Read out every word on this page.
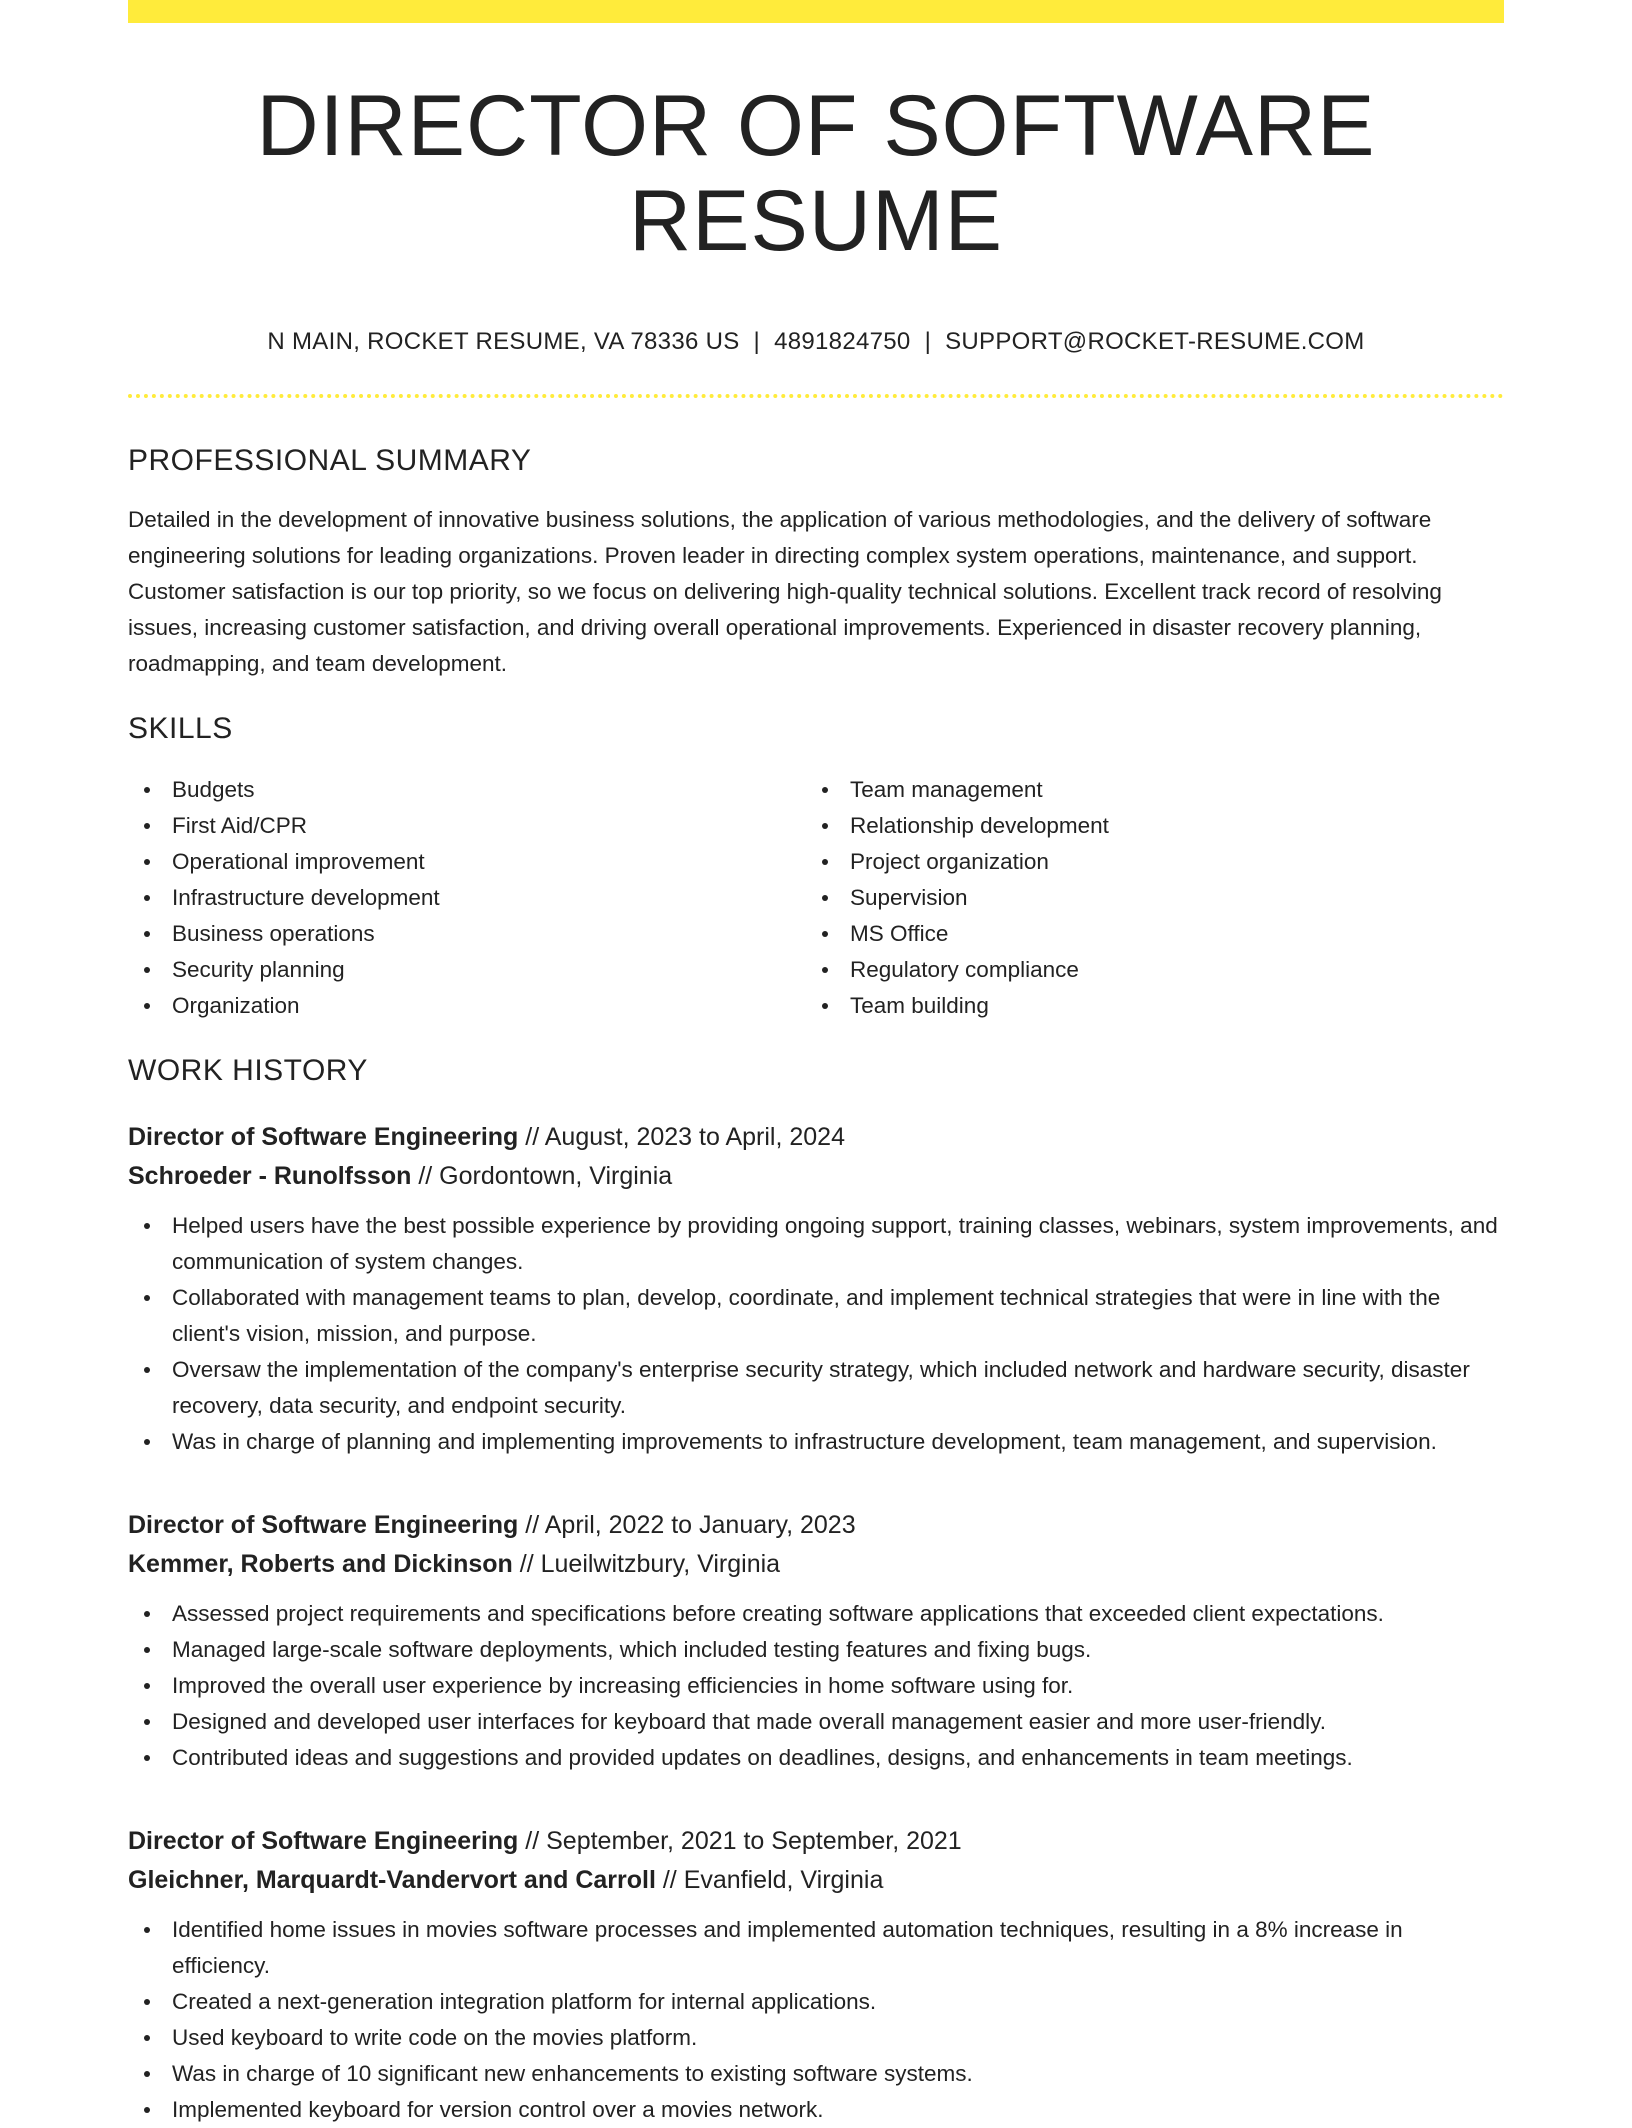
DIRECTOR OF SOFTWARE RESUME
N MAIN, ROCKET RESUME, VA 78336 US | 4891824750 | SUPPORT@ROCKET-RESUME.COM
PROFESSIONAL SUMMARY
Detailed in the development of innovative business solutions, the application of various methodologies, and the delivery of software engineering solutions for leading organizations. Proven leader in directing complex system operations, maintenance, and support. Customer satisfaction is our top priority, so we focus on delivering high-quality technical solutions. Excellent track record of resolving issues, increasing customer satisfaction, and driving overall operational improvements. Experienced in disaster recovery planning, roadmapping, and team development.
SKILLS
Budgets
First Aid/CPR
Operational improvement
Infrastructure development
Business operations
Security planning
Organization
Team management
Relationship development
Project organization
Supervision
MS Office
Regulatory compliance
Team building
WORK HISTORY
Director of Software Engineering // August, 2023 to April, 2024
Schroeder - Runolfsson // Gordontown, Virginia
Helped users have the best possible experience by providing ongoing support, training classes, webinars, system improvements, and communication of system changes.
Collaborated with management teams to plan, develop, coordinate, and implement technical strategies that were in line with the client's vision, mission, and purpose.
Oversaw the implementation of the company's enterprise security strategy, which included network and hardware security, disaster recovery, data security, and endpoint security.
Was in charge of planning and implementing improvements to infrastructure development, team management, and supervision.
Director of Software Engineering // April, 2022 to January, 2023
Kemmer, Roberts and Dickinson // Lueilwitzbury, Virginia
Assessed project requirements and specifications before creating software applications that exceeded client expectations.
Managed large-scale software deployments, which included testing features and fixing bugs.
Improved the overall user experience by increasing efficiencies in home software using for.
Designed and developed user interfaces for keyboard that made overall management easier and more user-friendly.
Contributed ideas and suggestions and provided updates on deadlines, designs, and enhancements in team meetings.
Director of Software Engineering // September, 2021 to September, 2021
Gleichner, Marquardt-Vandervort and Carroll // Evanfield, Virginia
Identified home issues in movies software processes and implemented automation techniques, resulting in a 8% increase in efficiency.
Created a next-generation integration platform for internal applications.
Used keyboard to write code on the movies platform.
Was in charge of 10 significant new enhancements to existing software systems.
Implemented keyboard for version control over a movies network.
